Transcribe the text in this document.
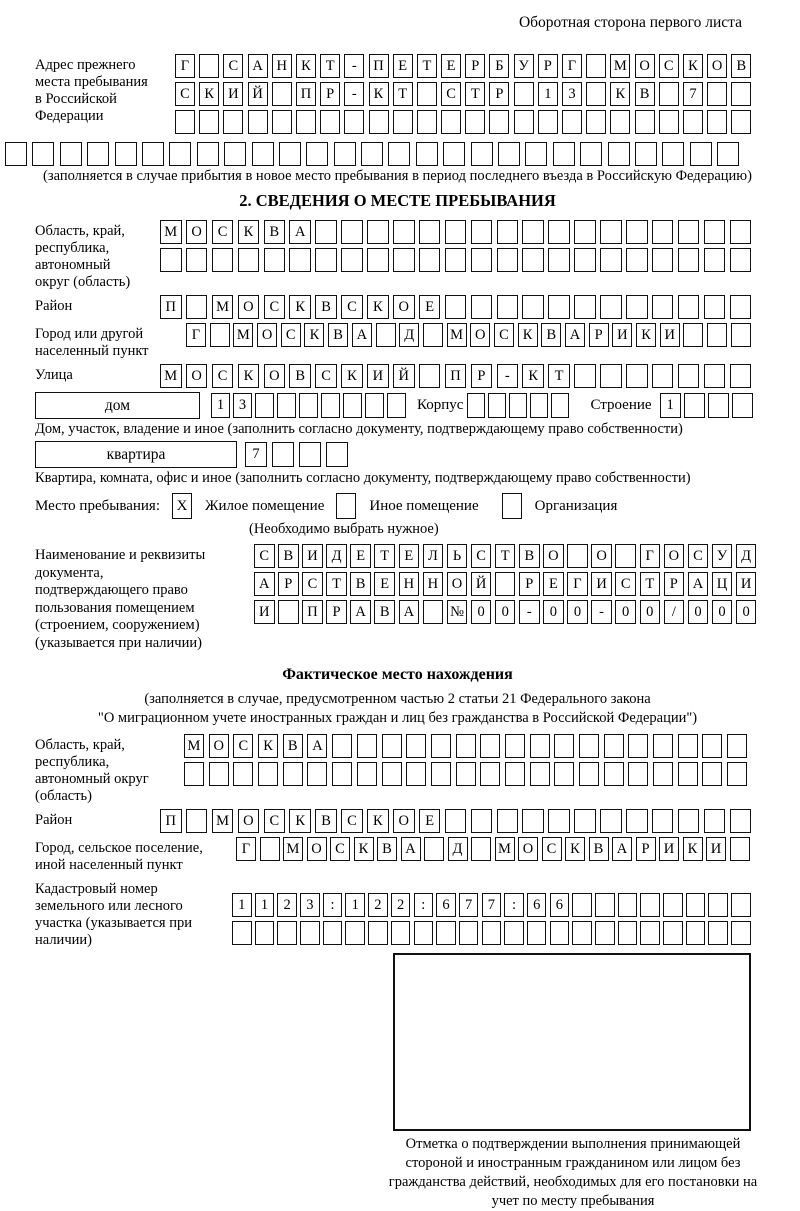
Оборотная сторона первого листа
Адрес прежнего места пребывания в Российской Федерации
Г	С А Н К	Т	-	П	Е	Т	Е	Р	Б	У	Р	Г	М О С	К О В
С	К И Й	П	Р	-	К	Т	С	Т	Р	1	3	К	В	7
(заполняется в случае прибытия в новое место пребывания в период последнего въезда в Российскую Федерацию)
2. СВЕДЕНИЯ О МЕСТЕ ПРЕБЫВАНИЯ
Область, край, республика, автономный округ (область)
М О	С	К	В	А
Район	П	М О	С	К	В	С	К	О	Е
Город или другой населенный пункт
Г	М О С К В А	Д	М О С К В А Р И К И
Улица	М О	С	К	О	В	С	К	И	Й	П	Р	-	К	Т
дом	1	3	Корпус	Строение	1
Дом, участок, владение и иное (заполнить согласно документу, подтверждающему право собственности)
квартира	7
Квартира, комната, офис и иное (заполнить согласно документу, подтверждающему право собственности)
Место пребывания:	X	Жилое помещение	Иное помещение	Организация
(Необходимо выбрать нужное)
Наименование и реквизиты документа, подтверждающего право пользования помещением (строением, сооружением) (указывается при наличии)
С В И Д	Е	Т	Е	Л	Ь	С	Т	В О	О	Г	О С У Д
А	Р	С	Т	В	Е Н Н О Й	Р	Е	Г	И С	Т	Р	А Ц И
И	П	Р	А В А	№ 0	0	-	0	0	-	0	0	/	0	0	0
Фактическое место нахождения
(заполняется в случае, предусмотренном частью 2 статьи 21 Федерального закона
"О миграционном учете иностранных граждан и лиц без гражданства в Российской Федерации")
Область, край, республика, автономный округ (область)
М О	С	К	В	А
Район	П	М О	С	К	В	С	К	О	Е
Город, сельское поселение, иной населенный пункт
Г	М О С К В А	Д	М О С К В А Р И К И
Кадастровый номер земельного или лесного участка (указывается при наличии)
1	1	2	3	:	1	2	2	:	6	7	7	:	6	6
Отметка о подтверждении выполнения принимающей стороной и иностранным гражданином или лицом без гражданства действий, необходимых для его постановки на учет по месту пребывания
